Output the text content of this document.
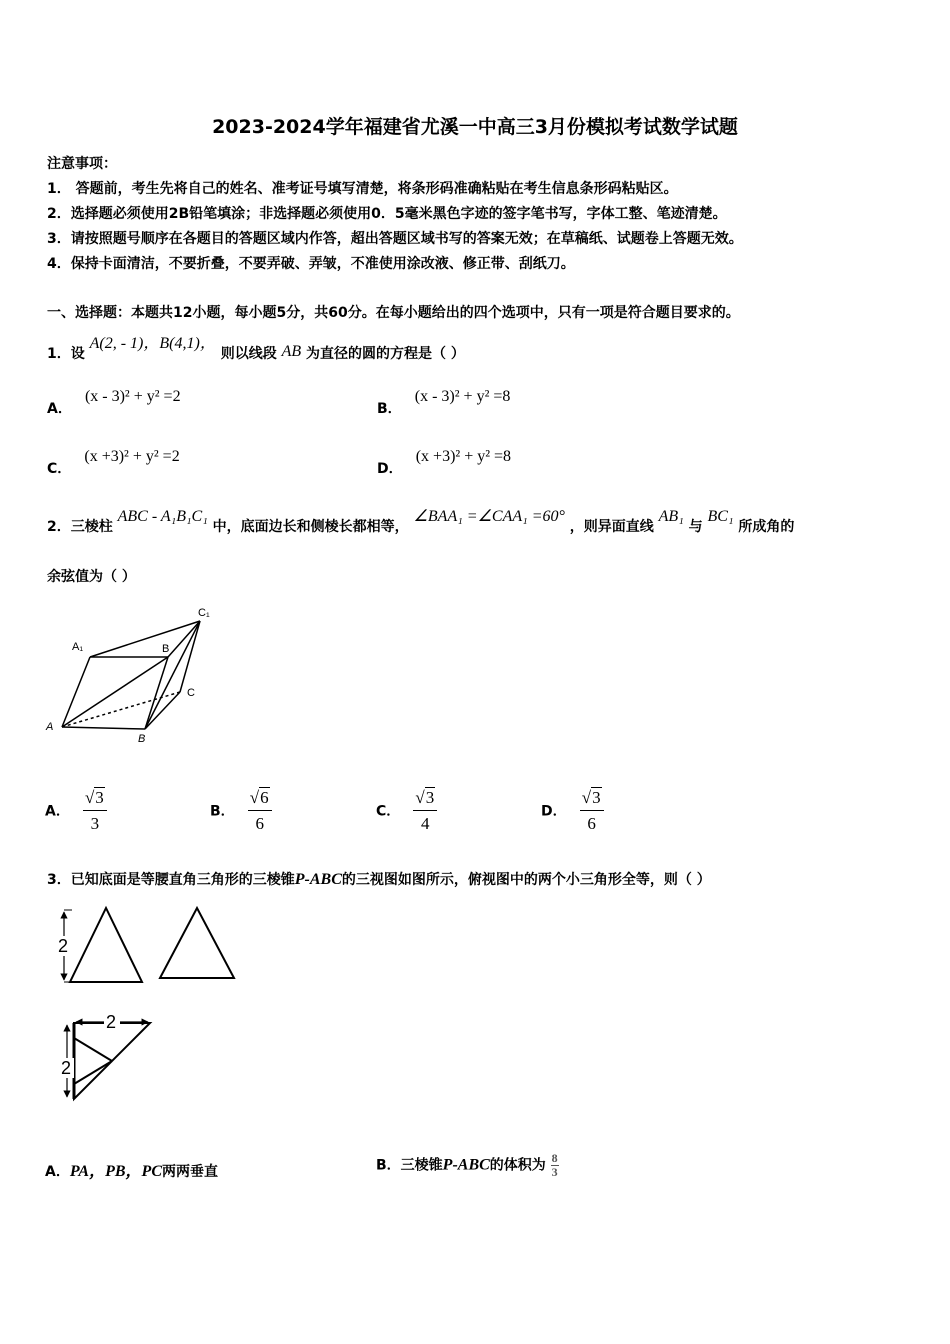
2023-2024学年福建省尤溪一中高三3月份模拟考试数学试题
注意事项：
1． 答题前，考生先将自己的姓名、准考证号填写清楚，将条形码准确粘贴在考生信息条形码粘贴区。
2．选择题必须使用2B铅笔填涂；非选择题必须使用0．5毫米黑色字迹的签字笔书写，字体工整、笔迹清楚。
3．请按照题号顺序在各题目的答题区域内作答，超出答题区域书写的答案无效；在草稿纸、试题卷上答题无效。
4．保持卡面清洁，不要折叠，不要弄破、弄皱，不准使用涂改液、修正带、刮纸刀。
一、选择题：本题共12小题，每小题5分，共60分。在每小题给出的四个选项中，只有一项是符合题目要求的。
1．设 A(2, - 1)，B(4,1)， 则以线段 AB 为直径的圆的方程是（ ）
A． (x - 3)² + y² =2
B． (x - 3)² + y² =8
C． (x +3)² + y² =2
D． (x +3)² + y² =8
2．三棱柱 ABC - A₁B₁C₁ 中，底面边长和侧棱长都相等， ∠BAA₁ =∠CAA₁ =60° ，则异面直线 AB₁ 与 BC₁ 所成角的
余弦值为（ ）
A₁	B
C₁
C
A
B
A． $\frac{√3}{3}$	B． $\frac{√6}{6}$	C． $\frac{√3}{4}$	D． $\frac{√3}{6}$
3．已知底面是等腰直角三角形的三棱锥P-ABC的三视图如图所示，俯视图中的两个小三角形全等，则（ ）
2
2
2
A．PA，PB，PC两两垂直	B．三棱锥P-ABC的体积为 $\frac{8}{3}$
